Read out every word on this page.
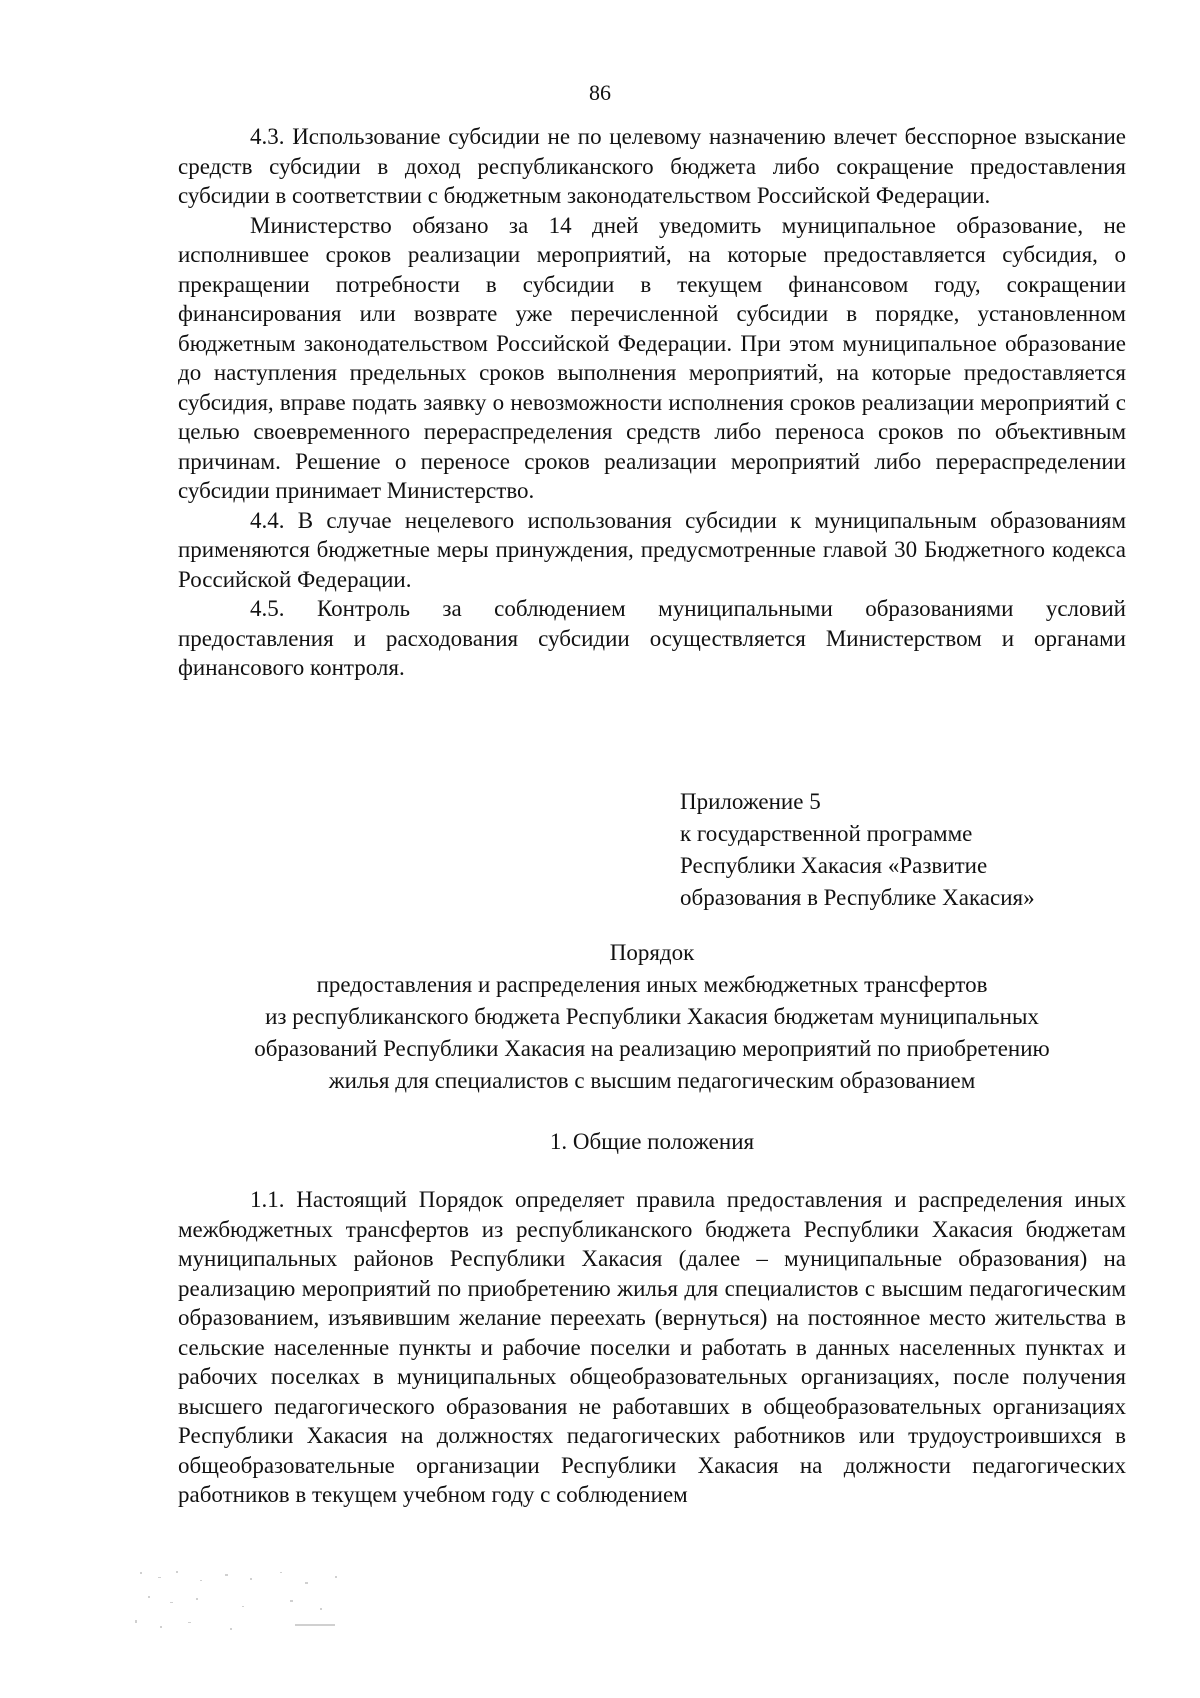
86

4.3. Использование субсидии не по целевому назначению влечет бесспорное взыскание средств субсидии в доход республиканского бюджета либо сокращение предоставления субсидии в соответствии с бюджетным законодательством Российской Федерации.

Министерство обязано за 14 дней уведомить муниципальное образование, не исполнившее сроков реализации мероприятий, на которые предоставляется субсидия, о прекращении потребности в субсидии в текущем финансовом году, сокращении финансирования или возврате уже перечисленной субсидии в порядке, установленном бюджетным законодательством Российской Федерации. При этом муниципальное образование до наступления предельных сроков выполнения мероприятий, на которые предоставляется субсидия, вправе подать заявку о невозможности исполнения сроков реализации мероприятий с целью своевременного перераспределения средств либо переноса сроков по объективным причинам. Решение о переносе сроков реализации мероприятий либо перераспределении субсидии принимает Министерство.

4.4. В случае нецелевого использования субсидии к муниципальным образованиям применяются бюджетные меры принуждения, предусмотренные главой 30 Бюджетного кодекса Российской Федерации.

4.5. Контроль за соблюдением муниципальными образованиями условий предоставления и расходования субсидии осуществляется Министерством и органами финансового контроля.

Приложение 5
к государственной программе
Республики Хакасия «Развитие
образования в Республике Хакасия»
Порядок
предоставления и распределения иных межбюджетных трансфертов
из республиканского бюджета Республики Хакасия бюджетам муниципальных
образований Республики Хакасия на реализацию мероприятий по приобретению
жилья для специалистов с высшим педагогическим образованием
1. Общие положения

1.1. Настоящий Порядок определяет правила предоставления и распределения иных межбюджетных трансфертов из республиканского бюджета Республики Хакасия бюджетам муниципальных районов Республики Хакасия (далее – муниципальные образования) на реализацию мероприятий по приобретению жилья для специалистов с высшим педагогическим образованием, изъявившим желание переехать (вернуться) на постоянное место жительства в сельские населенные пункты и рабочие поселки и работать в данных населенных пунктах и рабочих поселках в муниципальных общеобразовательных организациях, после получения высшего педагогического образования не работавших в общеобразовательных организациях Республики Хакасия на должностях педагогических работников или трудоустроившихся в общеобразовательные организации Республики Хакасия на должности педагогических работников в текущем учебном году с соблюдением
